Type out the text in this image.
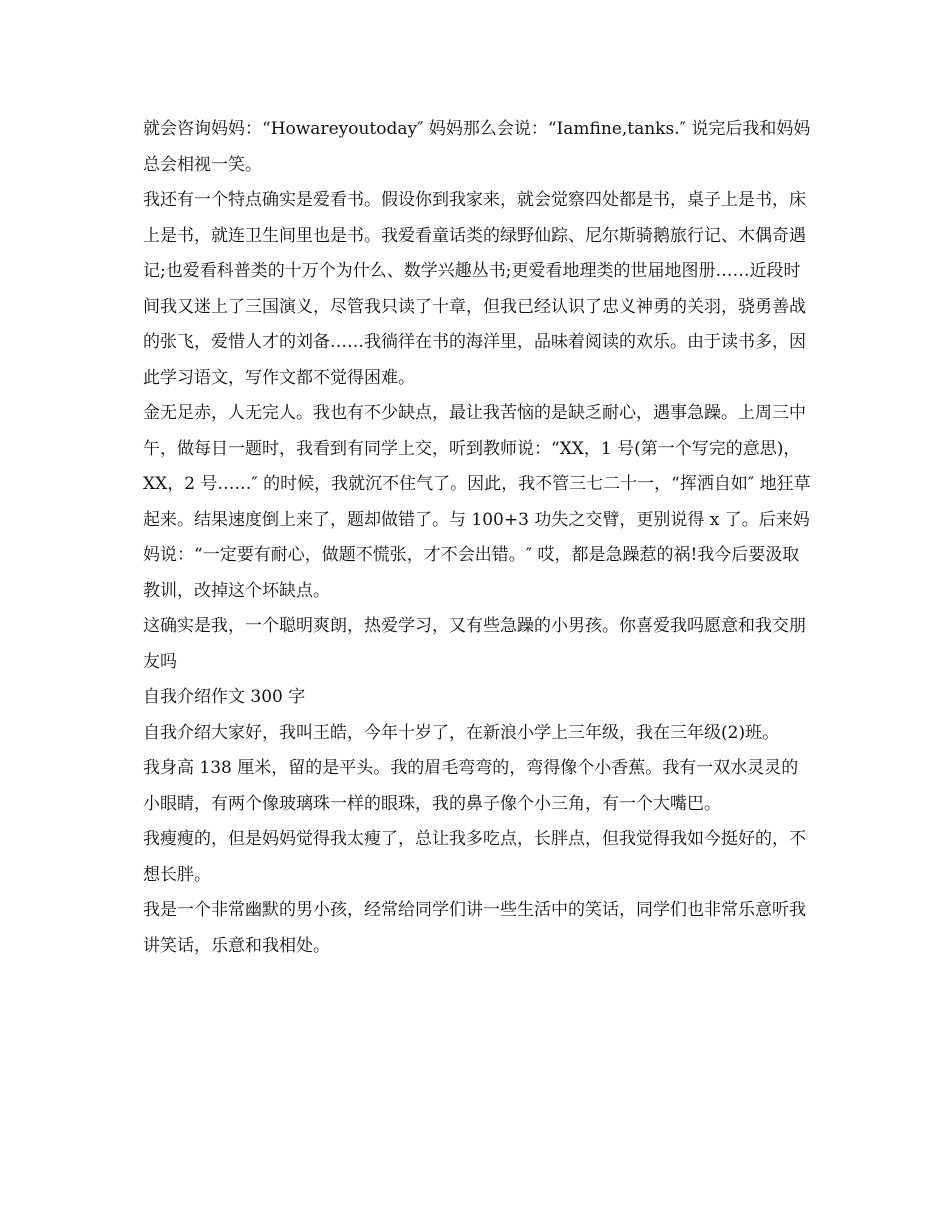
就会咨询妈妈：“Howareyoutoday″ 妈妈那么会说：“Iamfine,tanks.″ 说完后我和妈妈总会相视一笑。

我还有一个特点确实是爱看书。假设你到我家来，就会觉察四处都是书，桌子上是书，床上是书，就连卫生间里也是书。我爱看童话类的绿野仙踪、尼尔斯骑鹅旅行记、木偶奇遇记;也爱看科普类的十万个为什么、数学兴趣丛书;更爱看地理类的世届地图册……近段时间我又迷上了三国演义，尽管我只读了十章，但我已经认识了忠义神勇的关羽，骁勇善战的张飞，爱惜人才的刘备……我徜徉在书的海洋里，品味着阅读的欢乐。由于读书多，因此学习语文，写作文都不觉得困难。

金无足赤，人无完人。我也有不少缺点，最让我苦恼的是缺乏耐心，遇事急躁。上周三中午，做每日一题时，我看到有同学上交，听到教师说：“XX，1 号(第一个写完的意思)，XX，2 号……″ 的时候，我就沉不住气了。因此，我不管三七二十一，“挥洒自如″ 地狂草起来。结果速度倒上来了，题却做错了。与 100+3 功失之交臂，更别说得 x 了。后来妈妈说：“一定要有耐心，做题不慌张，才不会出错。″ 哎，都是急躁惹的祸!我今后要汲取教训，改掉这个坏缺点。

这确实是我，一个聪明爽朗，热爱学习，又有些急躁的小男孩。你喜爱我吗愿意和我交朋友吗

自我介绍作文 300 字

自我介绍大家好，我叫王皓，今年十岁了，在新浪小学上三年级，我在三年级(2)班。

我身高 138 厘米，留的是平头。我的眉毛弯弯的，弯得像个小香蕉。我有一双水灵灵的小眼睛，有两个像玻璃珠一样的眼珠，我的鼻子像个小三角，有一个大嘴巴。

我瘦瘦的，但是妈妈觉得我太瘦了，总让我多吃点，长胖点，但我觉得我如今挺好的，不想长胖。

我是一个非常幽默的男小孩，经常给同学们讲一些生活中的笑话，同学们也非常乐意听我讲笑话，乐意和我相处。
